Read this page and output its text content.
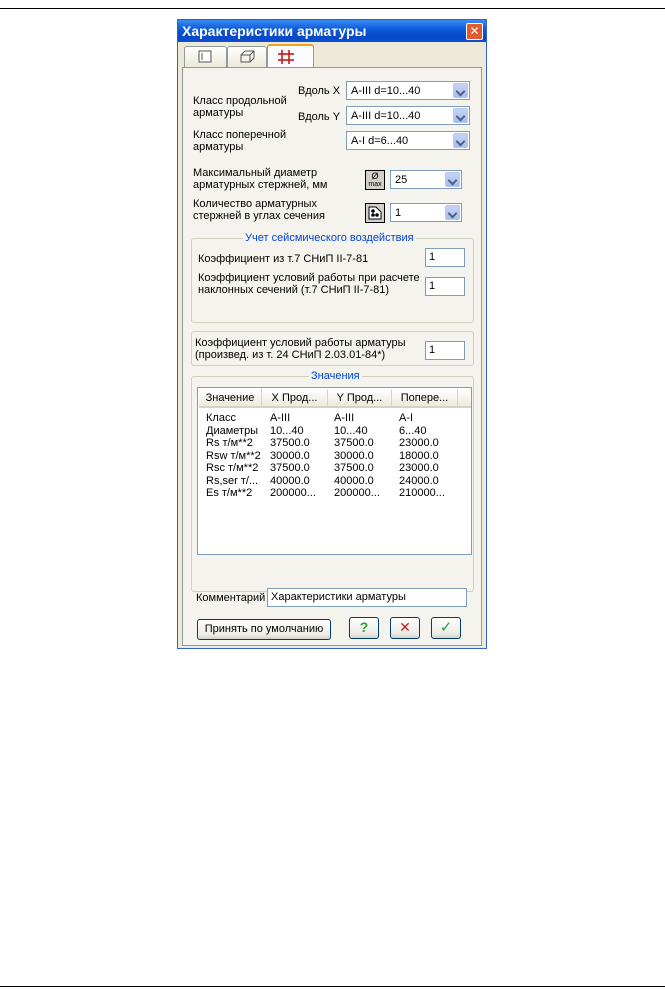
Характеристики арматуры	✕
Класс продольной
арматуры
Вдоль X A-III d=10...40
Вдоль Y A-III d=10...40
Класс поперечной
арматуры	A-I d=6...40
Максимальный диаметр
арматурных стержней, мм
Ø
max 25
Количество арматурных
стержней в углах сечения	1
Учет сейсмического воздействия
Коэффициент из т.7 СНиП II-7-81	1
Коэффициент условий работы при расчете
наклонных сечений (т.7 СНиП II-7-81)	1
Коэффициент условий работы арматуры
(произвед. из т. 24 СНиП 2.03.01-84*)	1
Значения
Значение	X Прод...	Y Прод...	Попере...
Класс	A-III	A-III	A-I
Диаметры 10...40	10...40	6...40
Rs т/м**2 37500.0 37500.0 23000.0
Rsw т/м**2 30000.0 30000.0 18000.0
Rsc т/м**2 37500.0 37500.0 23000.0
Rs,ser т/... 40000.0 40000.0 24000.0
Es т/м**2 200000... 200000... 210000...
Комментарий Характеристики арматуры
Принять по умолчанию	?	✕	✓
